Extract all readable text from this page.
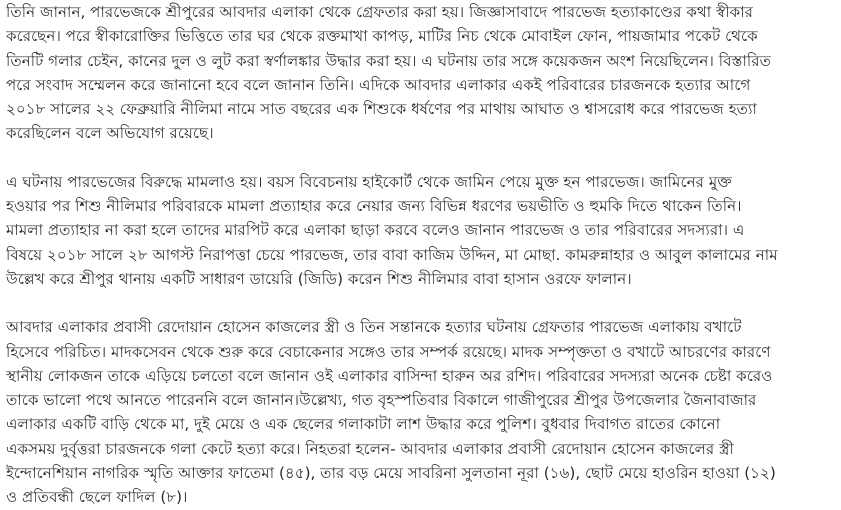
তিনি জানান, পারভেজকে শ্রীপুরের আবদার এলাকা থেকে গ্রেফতার করা হয়। জিজ্ঞাসাবাদে পারভেজ হত্যাকাণ্ডের কথা স্বীকার
করেছেন। পরে স্বীকারোক্তির ভিত্তিতে তার ঘর থেকে রক্তমাখা কাপড়, মাটির নিচ থেকে মোবাইল ফোন, পায়জামার পকেট থেকে
তিনটি গলার চেইন, কানের দুল ও লুট করা স্বর্ণালঙ্কার উদ্ধার করা হয়। এ ঘটনায় তার সঙ্গে কয়েকজন অংশ নিয়েছিলেন। বিস্তারিত
পরে সংবাদ সম্মেলন করে জানানো হবে বলে জানান তিনি। এদিকে আবদার এলাকার একই পরিবারের চারজনকে হত্যার আগে
২০১৮ সালের ২২ ফেব্রুয়ারি নীলিমা নামে সাত বছরের এক শিশুকে ধর্ষণের পর মাথায় আঘাত ও শ্বাসরোধ করে পারভেজ হত্যা
করেছিলেন বলে অভিযোগ রয়েছে।

এ ঘটনায় পারভেজের বিরুদ্ধে মামলাও হয়। বয়স বিবেচনায় হাইকোর্ট থেকে জামিন পেয়ে মুক্ত হন পারভেজ। জামিনের মুক্ত
হওয়ার পর শিশু নীলিমার পরিবারকে মামলা প্রত্যাহার করে নেয়ার জন্য বিভিন্ন ধরণের ভয়ভীতি ও হুমকি দিতে থাকেন তিনি।
মামলা প্রত্যাহার না করা হলে তাদের মারপিট করে এলাকা ছাড়া করবে বলেও জানান পারভেজ ও তার পরিবারের সদস্যরা। এ
বিষয়ে ২০১৮ সালে ২৮ আগস্ট নিরাপত্তা চেয়ে পারভেজ, তার বাবা কাজিম উদ্দিন, মা মোছা. কামরুন্নাহার ও আবুল কালামের নাম
উল্লেখ করে শ্রীপুর থানায় একটি সাধারণ ডায়েরি (জিডি) করেন শিশু নীলিমার বাবা হাসান ওরফে ফালান।

আবদার এলাকার প্রবাসী রেদোয়ান হোসেন কাজলের স্ত্রী ও তিন সন্তানকে হত্যার ঘটনায় গ্রেফতার পারভেজ এলাকায় বখাটে
হিসেবে পরিচিত। মাদকসেবন থেকে শুরু করে বেচাকেনার সঙ্গেও তার সম্পর্ক রয়েছে। মাদক সম্পৃক্ততা ও বখাটে আচরণের কারণে
স্থানীয় লোকজন তাকে এড়িয়ে চলতো বলে জানান ওই এলাকার বাসিন্দা হারুন অর রশিদ। পরিবারের সদস্যরা অনেক চেষ্টা করেও
তাকে ভালো পথে আনতে পারেননি বলে জানান।উল্লেখ্য, গত বৃহস্পতিবার বিকালে গাজীপুরের শ্রীপুর উপজেলার জৈনাবাজার
এলাকার একটি বাড়ি থেকে মা, দুই মেয়ে ও এক ছেলের গলাকাটা লাশ উদ্ধার করে পুলিশ। বুধবার দিবাগত রাতের কোনো
একসময় দুর্বৃত্তরা চারজনকে গলা কেটে হত্যা করে। নিহতরা হলেন- আবদার এলাকার প্রবাসী রেদোয়ান হোসেন কাজলের স্ত্রী
ইন্দোনেশিয়ান নাগরিক স্মৃতি আক্তার ফাতেমা (৪৫), তার বড় মেয়ে সাবরিনা সুলতানা নূরা (১৬), ছোট মেয়ে হাওরিন হাওয়া (১২)
ও প্রতিবন্ধী ছেলে ফাদিল (৮)।
